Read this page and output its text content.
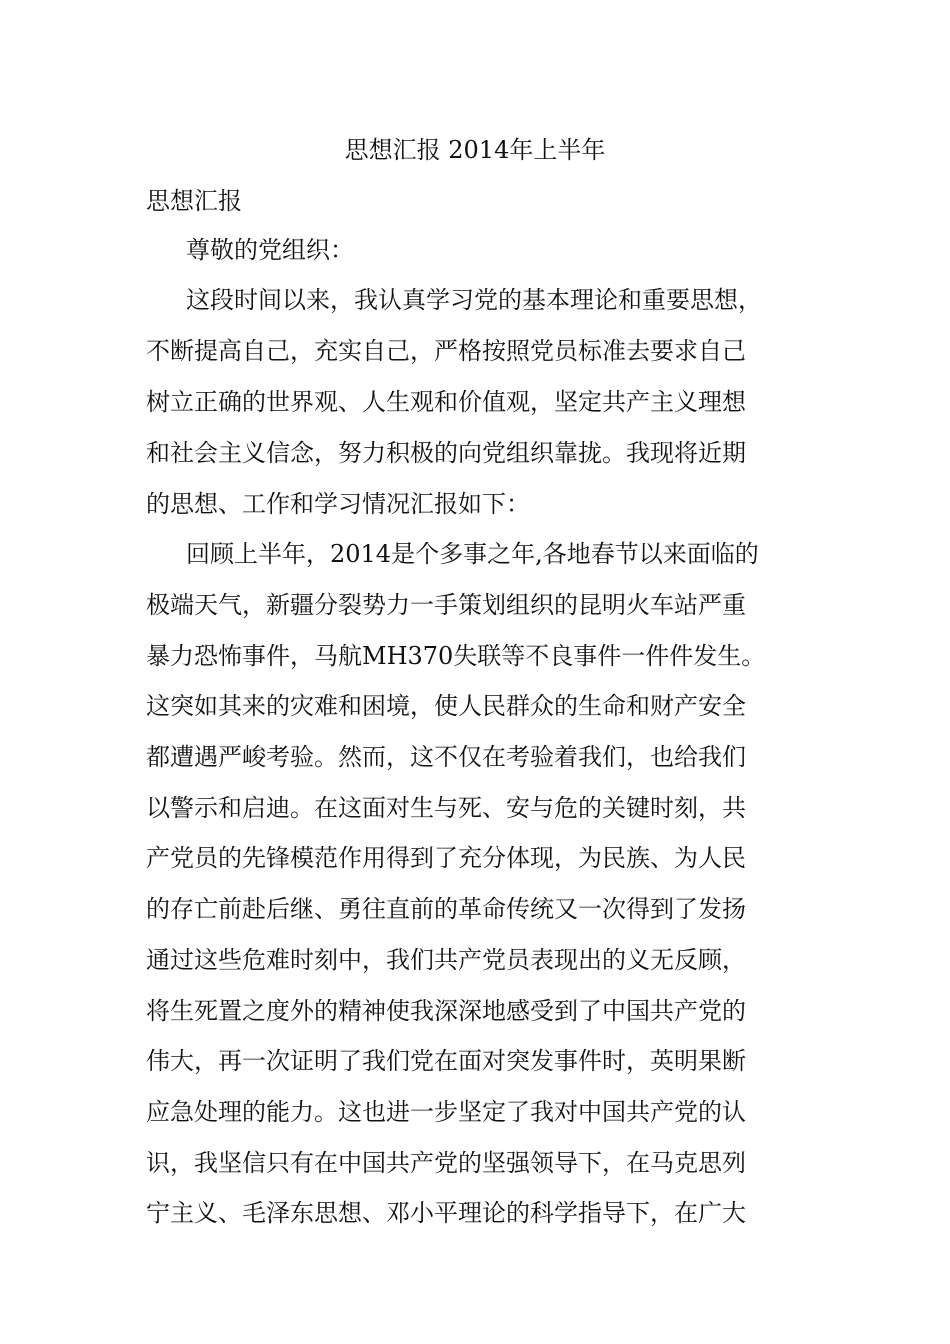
思想汇报 2014年上半年
思想汇报
尊敬的党组织：
这段时间以来，我认真学习党的基本理论和重要思想，
不断提高自己，充实自己，严格按照党员标准去要求自己
树立正确的世界观、人生观和价值观，坚定共产主义理想
和社会主义信念，努力积极的向党组织靠拢。我现将近期
的思想、工作和学习情况汇报如下：
回顾上半年，2014是个多事之年,各地春节以来面临的
极端天气，新疆分裂势力一手策划组织的昆明火车站严重
暴力恐怖事件，马航MH370失联等不良事件一件件发生。
这突如其来的灾难和困境，使人民群众的生命和财产安全
都遭遇严峻考验。然而，这不仅在考验着我们，也给我们
以警示和启迪。在这面对生与死、安与危的关键时刻，共
产党员的先锋模范作用得到了充分体现，为民族、为人民
的存亡前赴后继、勇往直前的革命传统又一次得到了发扬
通过这些危难时刻中，我们共产党员表现出的义无反顾，
将生死置之度外的精神使我深深地感受到了中国共产党的
伟大，再一次证明了我们党在面对突发事件时，英明果断
应急处理的能力。这也进一步坚定了我对中国共产党的认
识，我坚信只有在中国共产党的坚强领导下，在马克思列
宁主义、毛泽东思想、邓小平理论的科学指导下，在广大
